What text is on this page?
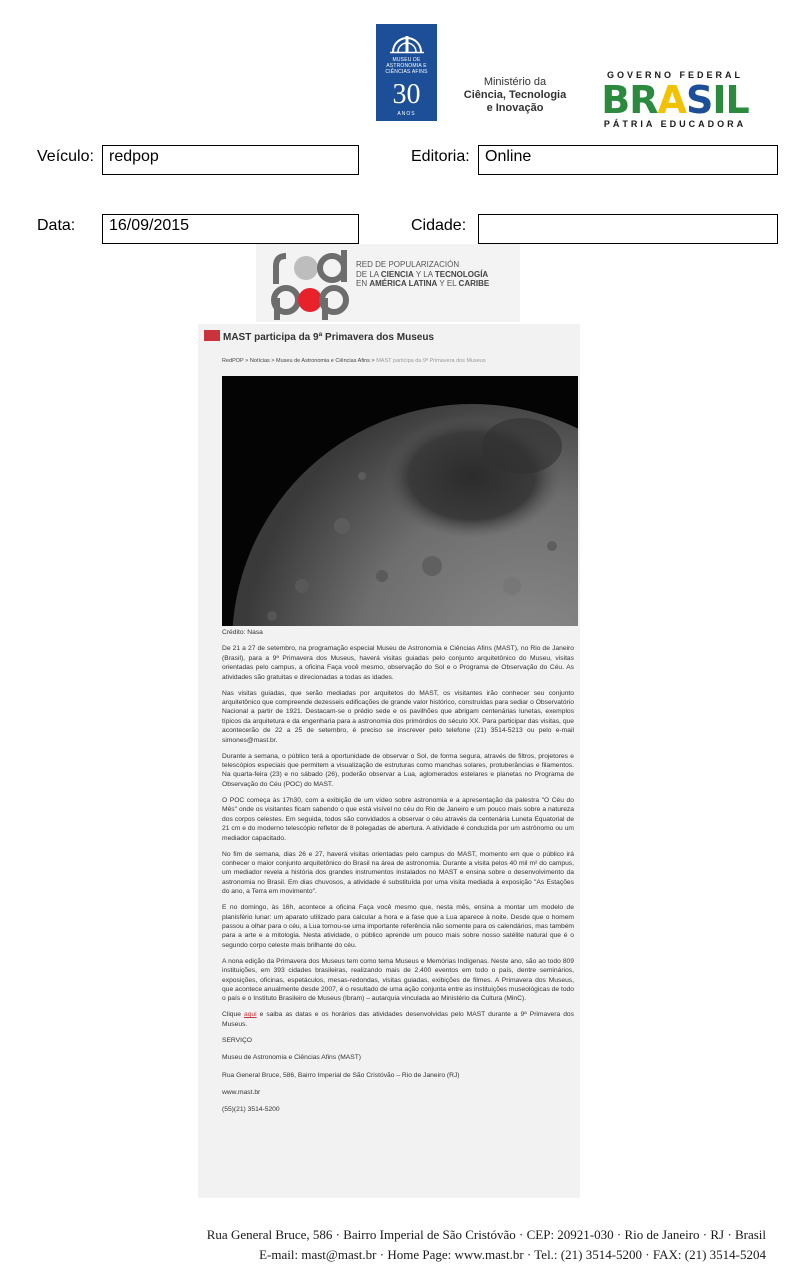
MUSEU DE ASTRONOMIA E CIÊNCIAS AFINS
30
ANOS
Ministério da
Ciência, Tecnologia
e Inovação
GOVERNO FEDERAL
BRASIL
PÁTRIA EDUCADORA
Veículo: redpop	Editoria: Online
Data:	16/09/2015	Cidade:
RED DE POPULARIZACIÓN
DE LA CIENCIA Y LA TECNOLOGÍA
EN AMÉRICA LATINA Y EL CARIBE
MAST participa da 9ª Primavera dos Museus
RedPOP > Notícias > Museu de Astronomia e Ciências Afins > MAST participa da 9ª Primavera dos Museus

Crédito: Nasa

De 21 a 27 de setembro, na programação especial Museu de Astronomia e Ciências Afins (MAST), no Rio de Janeiro (Brasil), para a 9ª Primavera dos Museus, haverá visitas guiadas pelo conjunto arquitetônico do Museu, visitas orientadas pelo campus, a oficina Faça você mesmo, observação do Sol e o Programa de Observação do Céu. As atividades são gratuitas e direcionadas a todas as idades.

Nas visitas guiadas, que serão mediadas por arquitetos do MAST, os visitantes irão conhecer seu conjunto arquitetônico que compreende dezesseis edificações de grande valor histórico, construídas para sediar o Observatório Nacional a partir de 1921. Destacam-se o prédio sede e os pavilhões que abrigam centenárias lunetas, exemplos típicos da arquitetura e da engenharia para a astronomia dos primórdios do século XX. Para participar das visitas, que acontecerão de 22 a 25 de setembro, é preciso se inscrever pelo telefone (21) 3514-5213 ou pelo e-mail simones@mast.br.

Durante a semana, o público terá a oportunidade de observar o Sol, de forma segura, através de filtros, projetores e telescópios especiais que permitem a visualização de estruturas como manchas solares, protuberâncias e filamentos. Na quarta-feira (23) e no sábado (26), poderão observar a Lua, aglomerados estelares e planetas no Programa de Observação do Céu (POC) do MAST.

O POC começa às 17h30, com a exibição de um vídeo sobre astronomia e a apresentação da palestra "O Céu do Mês" onde os visitantes ficam sabendo o que está visível no céu do Rio de Janeiro e um pouco mais sobre a natureza dos corpos celestes. Em seguida, todos são convidados a observar o céu através da centenária Luneta Equatorial de 21 cm e do moderno telescópio refletor de 8 polegadas de abertura. A atividade é conduzida por um astrônomo ou um mediador capacitado.

No fim de semana, dias 26 e 27, haverá visitas orientadas pelo campus do MAST, momento em que o público irá conhecer o maior conjunto arquitetônico do Brasil na área de astronomia. Durante a visita pelos 40 mil m² do campus, um mediador revela a história dos grandes instrumentos instalados no MAST e ensina sobre o desenvolvimento da astronomia no Brasil. Em dias chuvosos, a atividade é substituída por uma visita mediada à exposição "As Estações do ano, a Terra em movimento".

E no domingo, às 16h, acontece a oficina Faça você mesmo que, nesta mês, ensina a montar um modelo de planisfério lunar: um aparato utilizado para calcular a hora e a fase que a Lua aparece à noite. Desde que o homem passou a olhar para o céu, a Lua tornou-se uma importante referência não somente para os calendários, mas também para a arte e a mitologia. Nesta atividade, o público aprende um pouco mais sobre nosso satélite natural que é o segundo corpo celeste mais brilhante do céu.

A nona edição da Primavera dos Museus tem como tema Museus e Memórias Indígenas. Neste ano, são ao todo 809 instituições, em 393 cidades brasileiras, realizando mais de 2.400 eventos em todo o país, dentre seminários, exposições, oficinas, espetáculos, mesas-redondas, visitas guiadas, exibições de filmes. A Primavera dos Museus, que acontece anualmente desde 2007, é o resultado de uma ação conjunta entre as instituições museológicas de todo o país e o Instituto Brasileiro de Museus (Ibram) – autarquia vinculada ao Ministério da Cultura (MinC).

Clique aqui e saiba as datas e os horários das atividades desenvolvidas pelo MAST durante a 9ª Primavera dos Museus.

SERVIÇO

Museu de Astronomia e Ciências Afins (MAST)

Rua General Bruce, 586, Bairro Imperial de São Cristóvão – Rio de Janeiro (RJ)

www.mast.br

(55)(21) 3514-5200

Rua General Bruce, 586 · Bairro Imperial de São Cristóvão · CEP: 20921-030 · Rio de Janeiro · RJ · Brasil
E-mail: mast@mast.br · Home Page: www.mast.br · Tel.: (21) 3514-5200 · FAX: (21) 3514-5204
